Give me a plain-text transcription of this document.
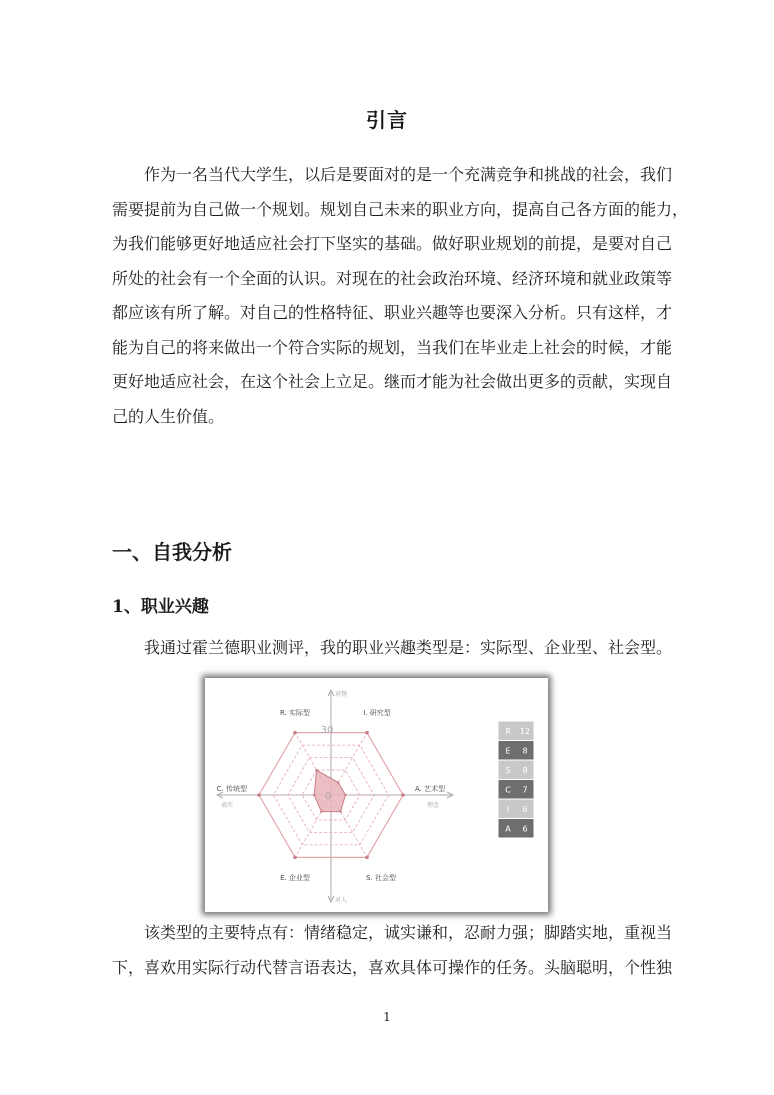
引言

作为一名当代大学生，以后是要面对的是一个充满竞争和挑战的社会，我们
需要提前为自己做一个规划。规划自己未来的职业方向，提高自己各方面的能力，
为我们能够更好地适应社会打下坚实的基础。做好职业规划的前提，是要对自己
所处的社会有一个全面的认识。对现在的社会政治环境、经济环境和就业政策等
都应该有所了解。对自己的性格特征、职业兴趣等也要深入分析。只有这样，才
能为自己的将来做出一个符合实际的规划，当我们在毕业走上社会的时候，才能
更好地适应社会，在这个社会上立足。继而才能为社会做出更多的贡献，实现自
己的人生价值。

一、自我分析
1、职业兴趣

我通过霍兰德职业测评，我的职业兴趣类型是：实际型、企业型、社会型。

30
0
R. 实际型	I. 研究型
A. 艺术型
S. 社会型
E. 企业型
C. 传统型
对物
对人
表实	理念
R 12
E 8
S 8
C 7
I 6
A 6

该类型的主要特点有：情绪稳定，诚实谦和，忍耐力强；脚踏实地，重视当
下，喜欢用实际行动代替言语表达，喜欢具体可操作的任务。头脑聪明，个性独

1
